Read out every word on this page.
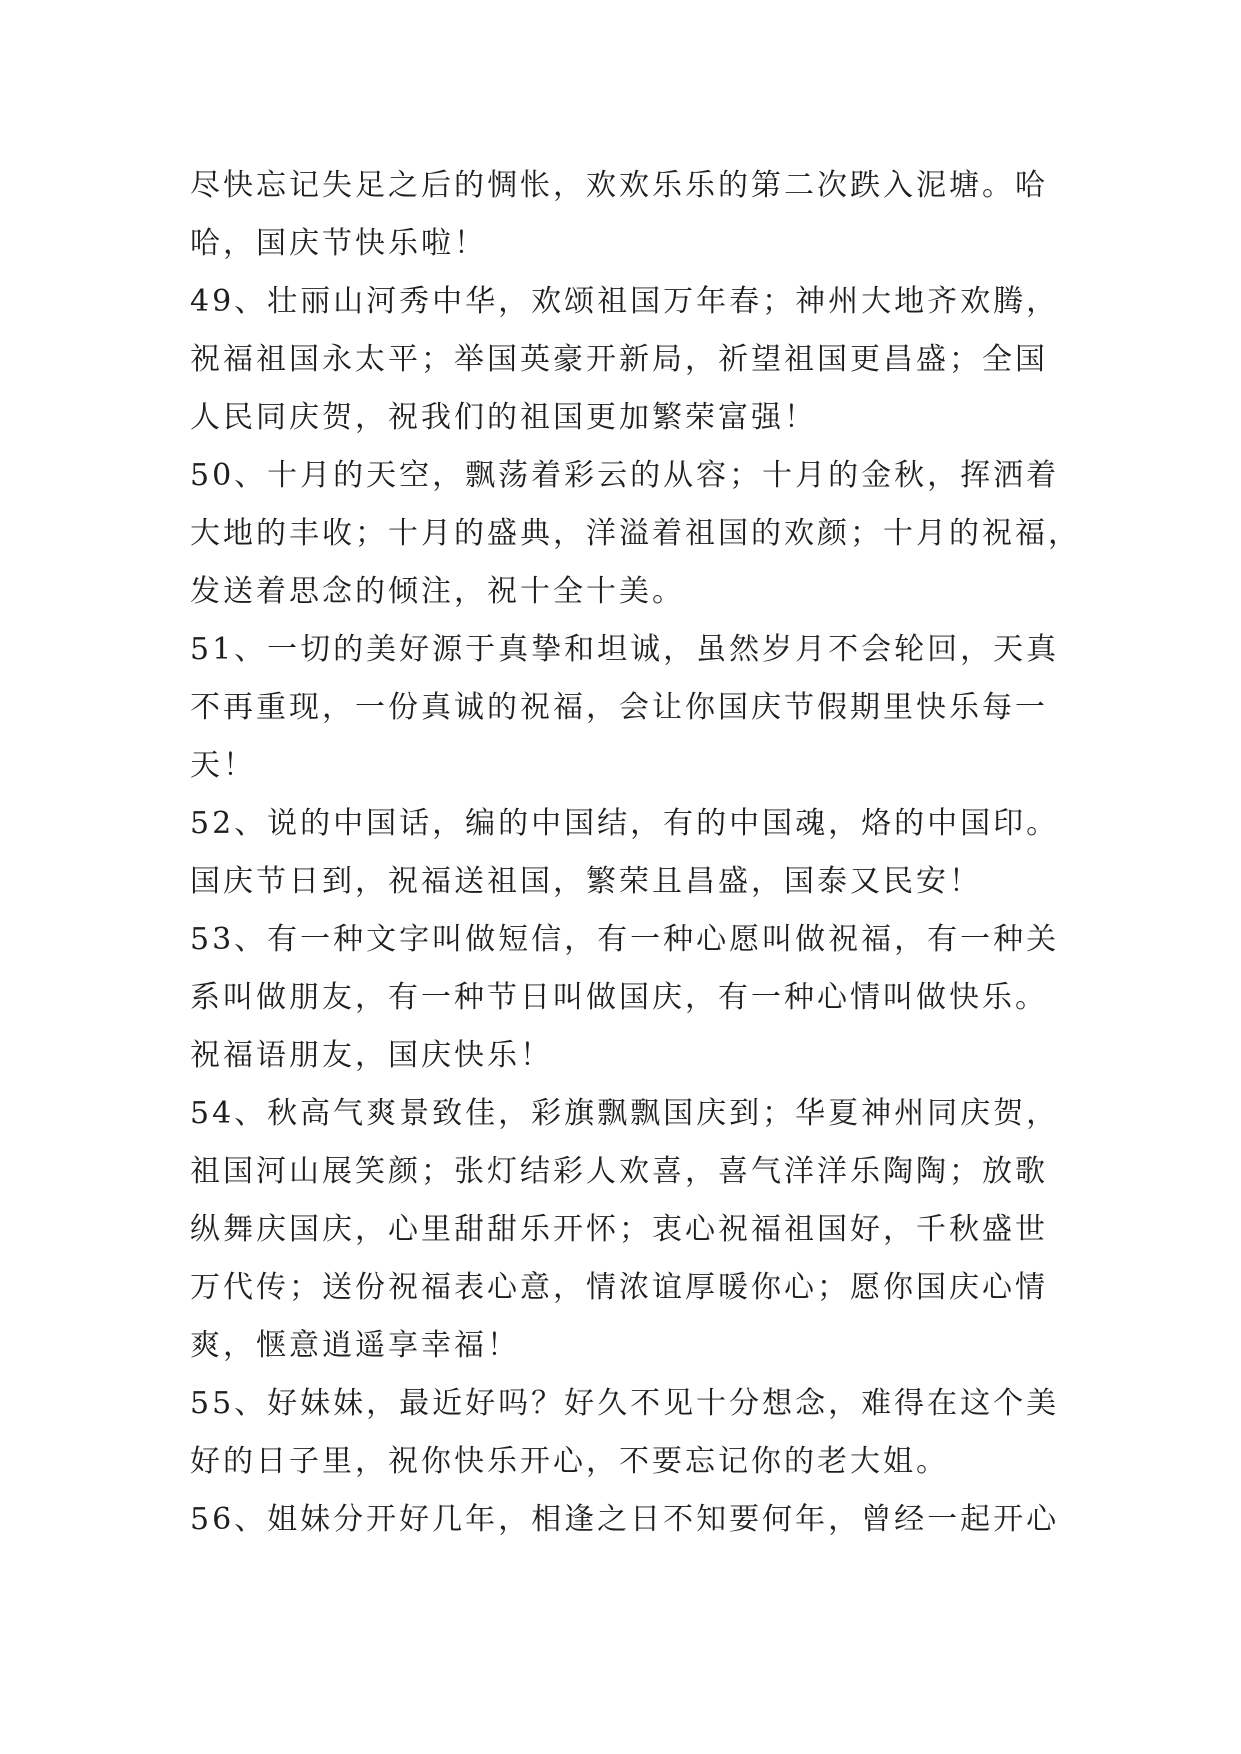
尽快忘记失足之后的惆怅，欢欢乐乐的第二次跌入泥塘。哈
哈，国庆节快乐啦！
49、壮丽山河秀中华，欢颂祖国万年春；神州大地齐欢腾，
祝福祖国永太平；举国英豪开新局，祈望祖国更昌盛；全国
人民同庆贺，祝我们的祖国更加繁荣富强！
50、十月的天空，飘荡着彩云的从容；十月的金秋，挥洒着
大地的丰收；十月的盛典，洋溢着祖国的欢颜；十月的祝福，
发送着思念的倾注，祝十全十美。
51、一切的美好源于真挚和坦诚，虽然岁月不会轮回，天真
不再重现，一份真诚的祝福，会让你国庆节假期里快乐每一
天！
52、说的中国话，编的中国结，有的中国魂，烙的中国印。
国庆节日到，祝福送祖国，繁荣且昌盛，国泰又民安！
53、有一种文字叫做短信，有一种心愿叫做祝福，有一种关
系叫做朋友，有一种节日叫做国庆，有一种心情叫做快乐。
祝福语朋友，国庆快乐！
54、秋高气爽景致佳，彩旗飘飘国庆到；华夏神州同庆贺，
祖国河山展笑颜；张灯结彩人欢喜，喜气洋洋乐陶陶；放歌
纵舞庆国庆，心里甜甜乐开怀；衷心祝福祖国好，千秋盛世
万代传；送份祝福表心意，情浓谊厚暖你心；愿你国庆心情
爽，惬意逍遥享幸福！
55、好妹妹，最近好吗？好久不见十分想念，难得在这个美
好的日子里，祝你快乐开心，不要忘记你的老大姐。
56、姐妹分开好几年，相逢之日不知要何年，曾经一起开心
